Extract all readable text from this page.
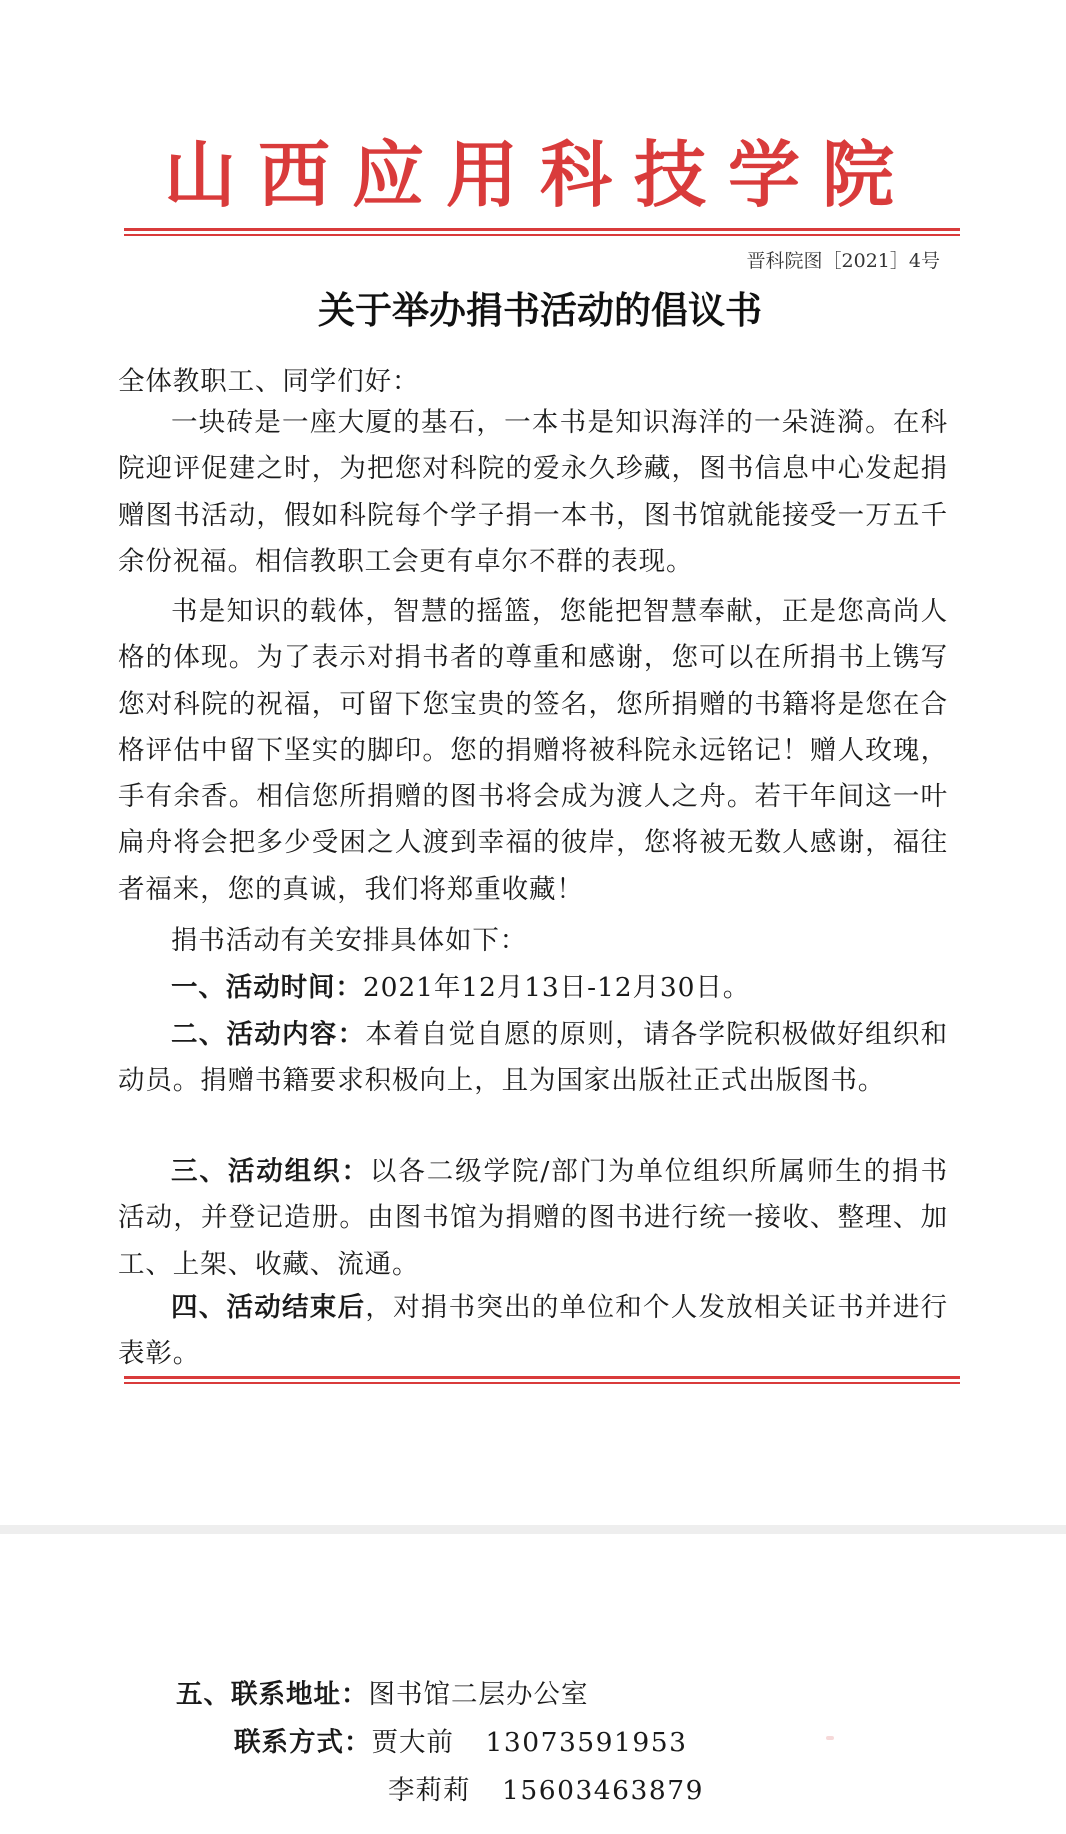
山西应用科技学院
晋科院图［2021］4号
关于举办捐书活动的倡议书
全体教职工、同学们好：

一块砖是一座大厦的基石，一本书是知识海洋的一朵涟漪。在科院迎评促建之时，为把您对科院的爱永久珍藏，图书信息中心发起捐赠图书活动，假如科院每个学子捐一本书，图书馆就能接受一万五千余份祝福。相信教职工会更有卓尔不群的表现。

书是知识的载体，智慧的摇篮，您能把智慧奉献，正是您高尚人格的体现。为了表示对捐书者的尊重和感谢，您可以在所捐书上镌写您对科院的祝福，可留下您宝贵的签名，您所捐赠的书籍将是您在合格评估中留下坚实的脚印。您的捐赠将被科院永远铭记！赠人玫瑰，手有余香。相信您所捐赠的图书将会成为渡人之舟。若干年间这一叶扁舟将会把多少受困之人渡到幸福的彼岸，您将被无数人感谢，福往者福来，您的真诚，我们将郑重收藏！

捐书活动有关安排具体如下：

一、活动时间：2021年12月13日-12月30日。

二、活动内容：本着自觉自愿的原则，请各学院积极做好组织和动员。捐赠书籍要求积极向上，且为国家出版社正式出版图书。

三、活动组织：以各二级学院/部门为单位组织所属师生的捐书活动，并登记造册。由图书馆为捐赠的图书进行统一接收、整理、加工、上架、收藏、流通。

四、活动结束后，对捐书突出的单位和个人发放相关证书并进行表彰。

五、联系地址：图书馆二层办公室
联系方式：贾大前 13073591953
李莉莉 15603463879
